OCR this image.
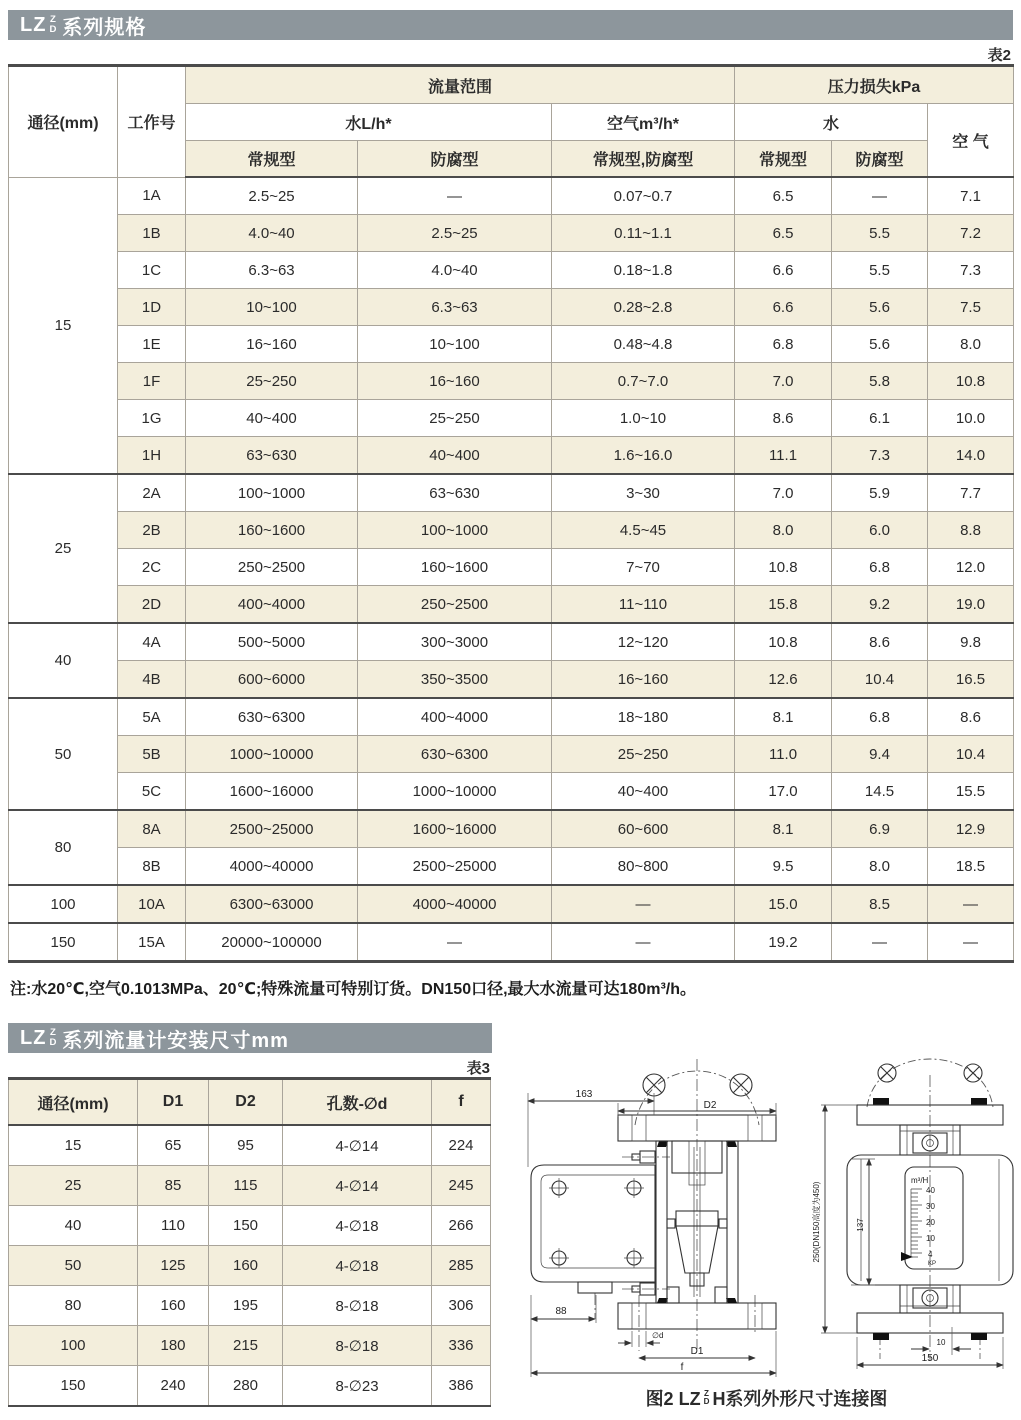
LZ Z
D 系列规格
表2
通径(mm)	工作号	流量范围			压力损失kPa		
		水L/h*		空气m³/h*	水		空 气
		常规型	防腐型	常规型,防腐型	常规型	防腐型	
15	1A	2.5~25	—	0.07~0.7	6.5	—	7.1
	1B	4.0~40	2.5~25	0.11~1.1	6.5	5.5	7.2
	1C	6.3~63	4.0~40	0.18~1.8	6.6	5.5	7.3
	1D	10~100	6.3~63	0.28~2.8	6.6	5.6	7.5
	1E	16~160	10~100	0.48~4.8	6.8	5.6	8.0
	1F	25~250	16~160	0.7~7.0	7.0	5.8	10.8
	1G	40~400	25~250	1.0~10	8.6	6.1	10.0
	1H	63~630	40~400	1.6~16.0	11.1	7.3	14.0
25	2A	100~1000	63~630	3~30	7.0	5.9	7.7
	2B	160~1600	100~1000	4.5~45	8.0	6.0	8.8
	2C	250~2500	160~1600	7~70	10.8	6.8	12.0
	2D	400~4000	250~2500	11~110	15.8	9.2	19.0
40	4A	500~5000	300~3000	12~120	10.8	8.6	9.8
	4B	600~6000	350~3500	16~160	12.6	10.4	16.5
50	5A	630~6300	400~4000	18~180	8.1	6.8	8.6
	5B	1000~10000	630~6300	25~250	11.0	9.4	10.4
	5C	1600~16000	1000~10000	40~400	17.0	14.5	15.5
80	8A	2500~25000	1600~16000	60~600	8.1	6.9	12.9
	8B	4000~40000	2500~25000	80~800	9.5	8.0	18.5
100	10A	6300~63000	4000~40000	—	15.0	8.5	—
150	15A	20000~100000	—	—	19.2	—	—
注:水20℃,空气0.1013MPa、20℃;特殊流量可特别订货。DN150口径,最大水流量可达180m³/h。
LZ Z
D 系列流量计安装尺寸mm
表3
通径(mm)	D1	D2	孔数-∅d	f
15	65	95	4-∅14	224
25	85	115	4-∅14	245
40	110	150	4-∅18	266
50	125	160	4-∅18	285
80	160	195	8-∅18	306
100	180	215	8-∅18	336
150	240	280	8-∅23	386
163
D2
88
∅d
D1
f
m³/H
40
30
20
10
4
KP
250(DN150高度为450)	137
10
150
图2 LZ Z
D H系列外形尺寸连接图
